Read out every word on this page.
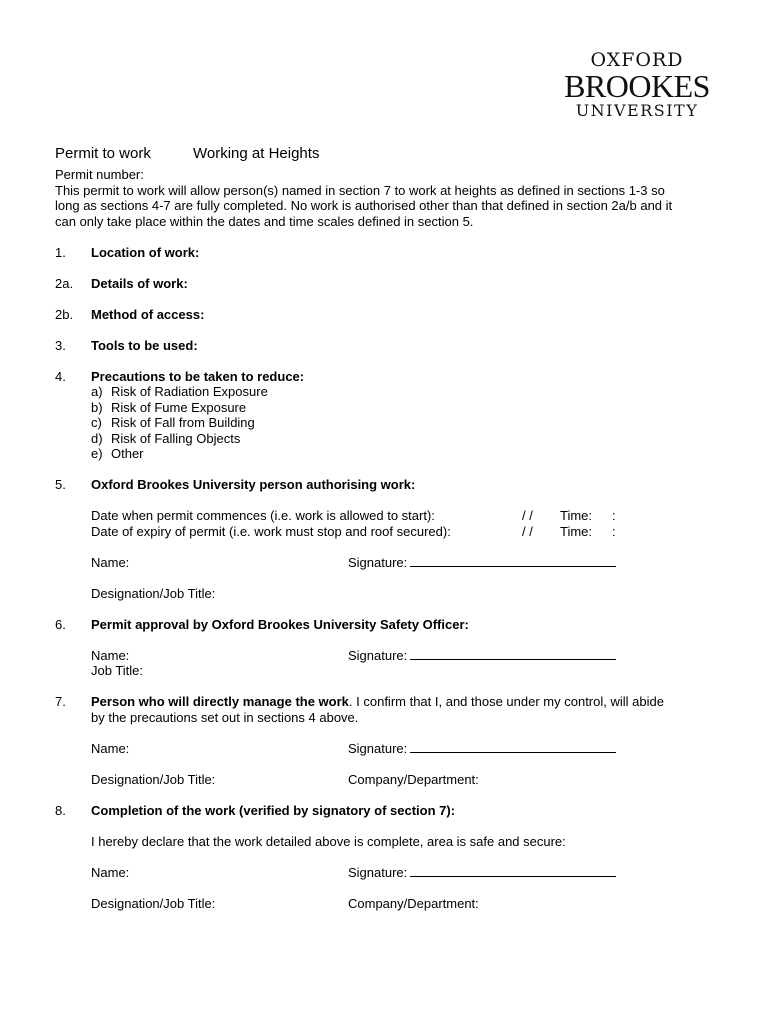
OXFORD
BROOKES
UNIVERSITY
Permit to work	Working at Heights

Permit number:

This permit to work will allow person(s) named in section 7 to work at heights as defined in sections 1-3 so

long as sections 4-7 are fully completed. No work is authorised other than that defined in section 2a/b and it

can only take place within the dates and time scales defined in section 5.

1.	Location of work:
2a.	Details of work:
2b.	Method of access:
3.	Tools to be used:
4.	Precautions to be taken to reduce:
a) Risk of Radiation Exposure
b) Risk of Fume Exposure
c) Risk of Fall from Building
d) Risk of Falling Objects
e) Other
5.	Oxford Brookes University person authorising work:
Date when permit commences (i.e. work is allowed to start):	/ /	Time:	:
Date of expiry of permit (i.e. work must stop and roof secured):	/ /	Time:	:
Name:	Signature:
Designation/Job Title:
6.	Permit approval by Oxford Brookes University Safety Officer:
Name:	Signature:
Job Title:
7.	Person who will directly manage the work. I confirm that I, and those under my control, will abide
by the precautions set out in sections 4 above.
Name:	Signature:
Designation/Job Title:	Company/Department:
8.	Completion of the work (verified by signatory of section 7):
I hereby declare that the work detailed above is complete, area is safe and secure:
Name:	Signature:
Designation/Job Title:	Company/Department:
